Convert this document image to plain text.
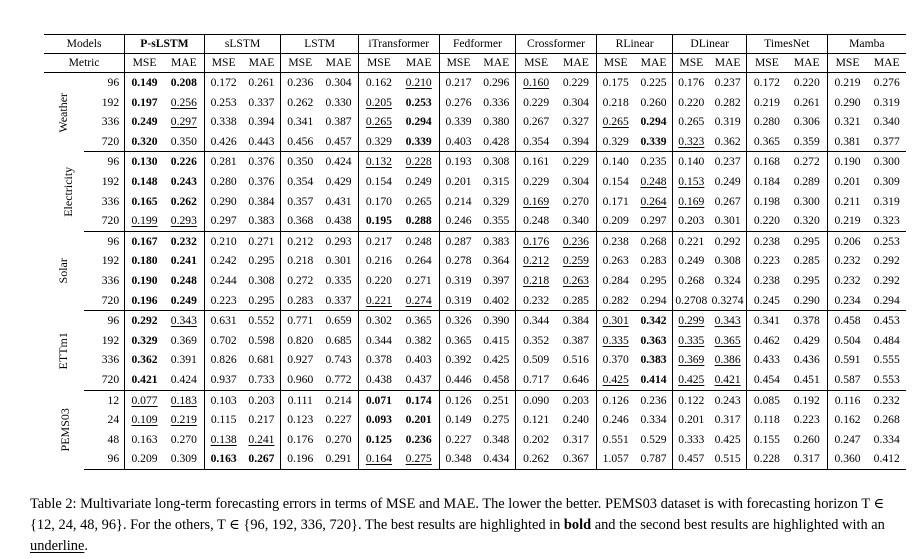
Models		P-sLSTM		sLSTM		LSTM		iTransformer		Fedformer		Crossformer		RLinear		DLinear		TimesNet		Mamba	
Metric		MSE	MAE	MSE	MAE	MSE	MAE	MSE	MAE	MSE	MAE	MSE	MAE	MSE	MAE	MSE	MAE	MSE	MAE	MSE	MAE
Weather	96	0.149	0.208	0.172	0.261	0.236	0.304	0.162	0.210	0.217	0.296	0.160	0.229	0.175	0.225	0.176	0.237	0.172	0.220	0.219	0.276
	192	0.197	0.256	0.253	0.337	0.262	0.330	0.205	0.253	0.276	0.336	0.229	0.304	0.218	0.260	0.220	0.282	0.219	0.261	0.290	0.319
	336	0.249	0.297	0.338	0.394	0.341	0.387	0.265	0.294	0.339	0.380	0.267	0.327	0.265	0.294	0.265	0.319	0.280	0.306	0.321	0.340
	720	0.320	0.350	0.426	0.443	0.456	0.457	0.329	0.339	0.403	0.428	0.354	0.394	0.329	0.339	0.323	0.362	0.365	0.359	0.381	0.377
Electricity	96	0.130	0.226	0.281	0.376	0.350	0.424	0.132	0.228	0.193	0.308	0.161	0.229	0.140	0.235	0.140	0.237	0.168	0.272	0.190	0.300
	192	0.148	0.243	0.280	0.376	0.354	0.429	0.154	0.249	0.201	0.315	0.229	0.304	0.154	0.248	0.153	0.249	0.184	0.289	0.201	0.309
	336	0.165	0.262	0.290	0.384	0.357	0.431	0.170	0.265	0.214	0.329	0.169	0.270	0.171	0.264	0.169	0.267	0.198	0.300	0.211	0.319
	720	0.199	0.293	0.297	0.383	0.368	0.438	0.195	0.288	0.246	0.355	0.248	0.340	0.209	0.297	0.203	0.301	0.220	0.320	0.219	0.323
Solar	96	0.167	0.232	0.210	0.271	0.212	0.293	0.217	0.248	0.287	0.383	0.176	0.236	0.238	0.268	0.221	0.292	0.238	0.295	0.206	0.253
	192	0.180	0.241	0.242	0.295	0.218	0.301	0.216	0.264	0.278	0.364	0.212	0.259	0.263	0.283	0.249	0.308	0.223	0.285	0.232	0.292
	336	0.190	0.248	0.244	0.308	0.272	0.335	0.220	0.271	0.319	0.397	0.218	0.263	0.284	0.295	0.268	0.324	0.238	0.295	0.232	0.292
	720	0.196	0.249	0.223	0.295	0.283	0.337	0.221	0.274	0.319	0.402	0.232	0.285	0.282	0.294	0.2708	0.3274	0.245	0.290	0.234	0.294
ETTm1	96	0.292	0.343	0.631	0.552	0.771	0.659	0.302	0.365	0.326	0.390	0.344	0.384	0.301	0.342	0.299	0.343	0.341	0.378	0.458	0.453
	192	0.329	0.369	0.702	0.598	0.820	0.685	0.344	0.382	0.365	0.415	0.352	0.387	0.335	0.363	0.335	0.365	0.462	0.429	0.504	0.484
	336	0.362	0.391	0.826	0.681	0.927	0.743	0.378	0.403	0.392	0.425	0.509	0.516	0.370	0.383	0.369	0.386	0.433	0.436	0.591	0.555
	720	0.421	0.424	0.937	0.733	0.960	0.772	0.438	0.437	0.446	0.458	0.717	0.646	0.425	0.414	0.425	0.421	0.454	0.451	0.587	0.553
PEMS03	12	0.077	0.183	0.103	0.203	0.111	0.214	0.071	0.174	0.126	0.251	0.090	0.203	0.126	0.236	0.122	0.243	0.085	0.192	0.116	0.232
	24	0.109	0.219	0.115	0.217	0.123	0.227	0.093	0.201	0.149	0.275	0.121	0.240	0.246	0.334	0.201	0.317	0.118	0.223	0.162	0.268
	48	0.163	0.270	0.138	0.241	0.176	0.270	0.125	0.236	0.227	0.348	0.202	0.317	0.551	0.529	0.333	0.425	0.155	0.260	0.247	0.334
	96	0.209	0.309	0.163	0.267	0.196	0.291	0.164	0.275	0.348	0.434	0.262	0.367	1.057	0.787	0.457	0.515	0.228	0.317	0.360	0.412
Table 2: Multivariate long-term forecasting errors in terms of MSE and MAE. The lower the better. PEMS03 dataset is with forecasting horizon T ∈ {12, 24, 48, 96}. For the others, T ∈ {96, 192, 336, 720}. The best results are highlighted in bold and the second best results are highlighted with an underline.
